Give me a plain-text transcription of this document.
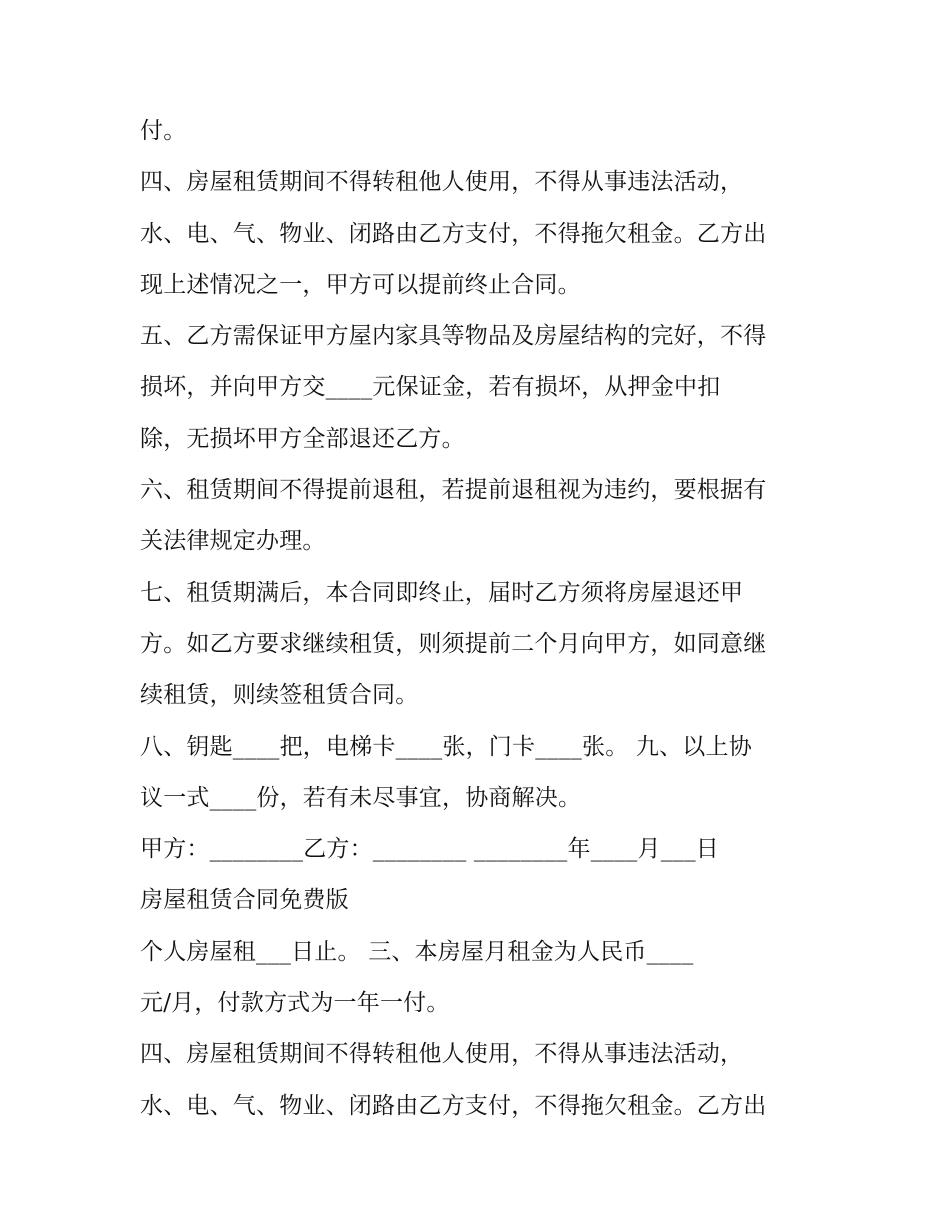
付。
四、房屋租赁期间不得转租他人使用，不得从事违法活动，
水、电、气、物业、闭路由乙方支付，不得拖欠租金。乙方出
现上述情况之一，甲方可以提前终止合同。
五、乙方需保证甲方屋内家具等物品及房屋结构的完好，不得
损坏，并向甲方交____元保证金，若有损坏，从押金中扣
除，无损坏甲方全部退还乙方。
六、租赁期间不得提前退租，若提前退租视为违约，要根据有
关法律规定办理。
七、租赁期满后，本合同即终止，届时乙方须将房屋退还甲
方。如乙方要求继续租赁，则须提前二个月向甲方，如同意继
续租赁，则续签租赁合同。
八、钥匙____把，电梯卡____张，门卡____张。 九、以上协
议一式____份，若有未尽事宜，协商解决。
甲方：________乙方：________ ________年____月___日
房屋租赁合同免费版
个人房屋租___日止。 三、本房屋月租金为人民币____
元/月，付款方式为一年一付。
四、房屋租赁期间不得转租他人使用，不得从事违法活动，
水、电、气、物业、闭路由乙方支付，不得拖欠租金。乙方出
